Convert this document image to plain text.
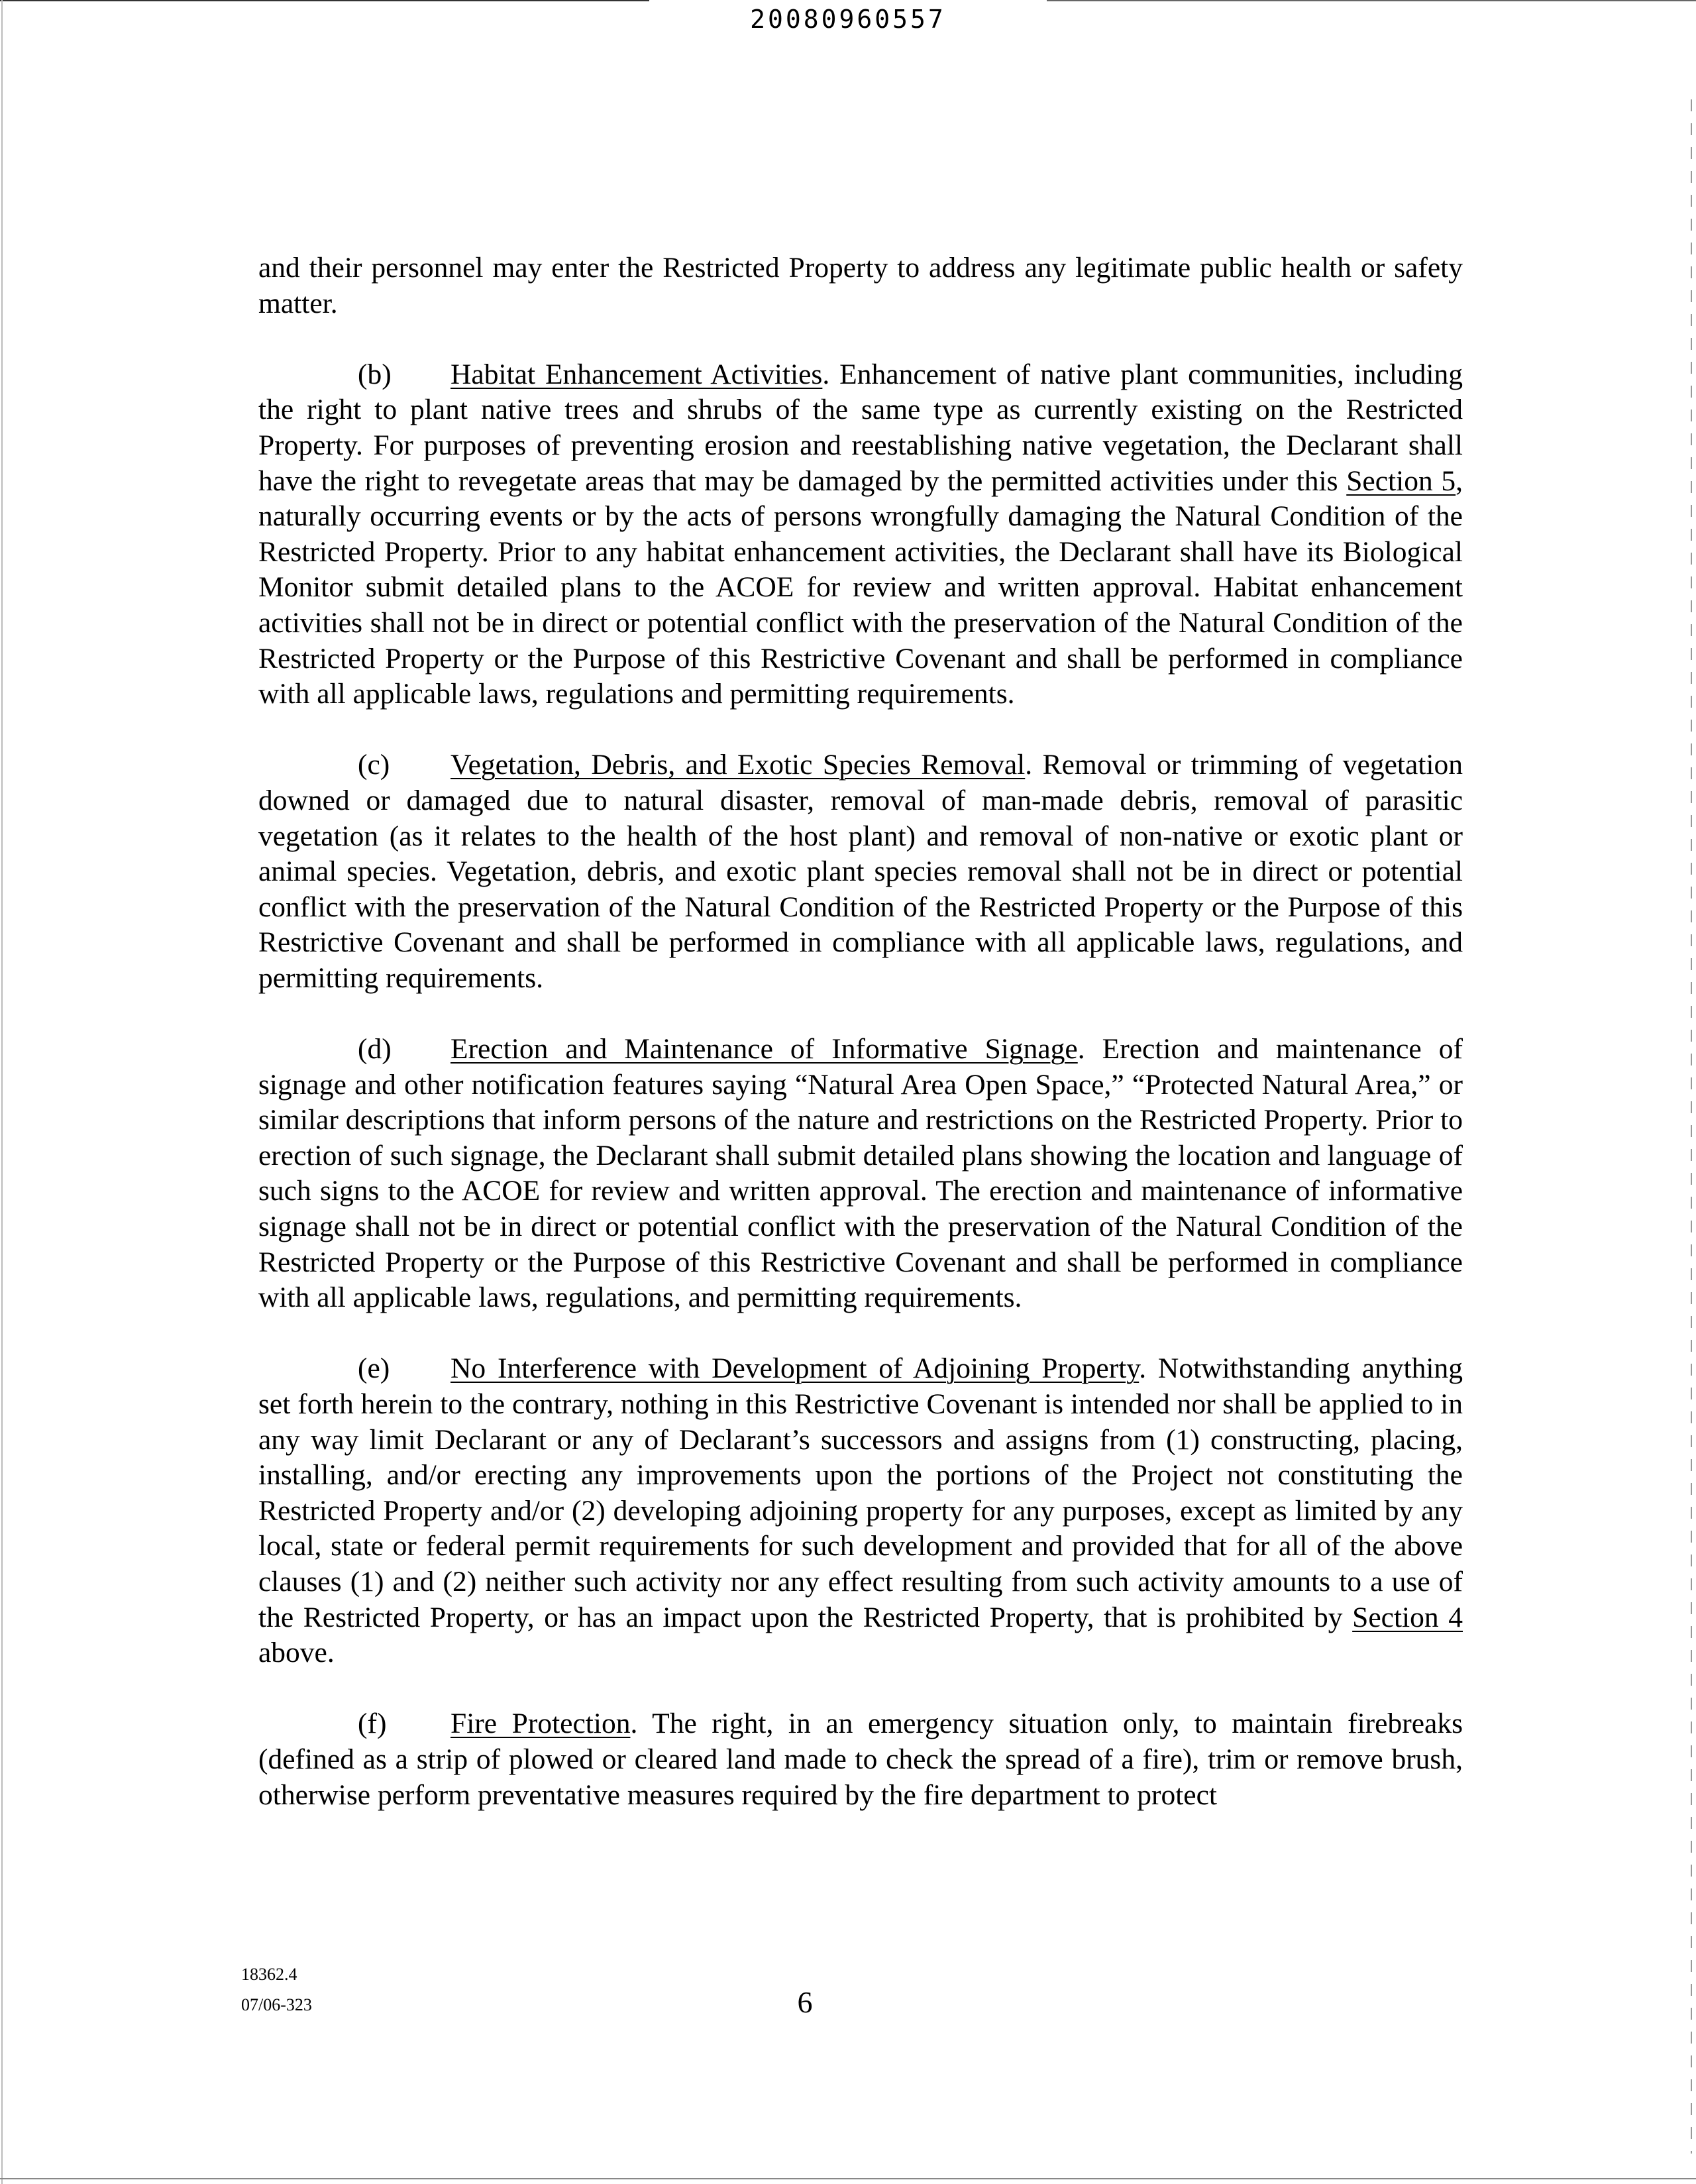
20080960557

and their personnel may enter the Restricted Property to address any legitimate public health or safety matter.

(b) Habitat Enhancement Activities. Enhancement of native plant communities, including the right to plant native trees and shrubs of the same type as currently existing on the Restricted Property. For purposes of preventing erosion and reestablishing native vegetation, the Declarant shall have the right to revegetate areas that may be damaged by the permitted activities under this Section 5, naturally occurring events or by the acts of persons wrongfully damaging the Natural Condition of the Restricted Property. Prior to any habitat enhancement activities, the Declarant shall have its Biological Monitor submit detailed plans to the ACOE for review and written approval. Habitat enhancement activities shall not be in direct or potential conflict with the preservation of the Natural Condition of the Restricted Property or the Purpose of this Restrictive Covenant and shall be performed in compliance with all applicable laws, regulations and permitting requirements.

(c) Vegetation, Debris, and Exotic Species Removal. Removal or trimming of vegetation downed or damaged due to natural disaster, removal of man-made debris, removal of parasitic vegetation (as it relates to the health of the host plant) and removal of non-native or exotic plant or animal species. Vegetation, debris, and exotic plant species removal shall not be in direct or potential conflict with the preservation of the Natural Condition of the Restricted Property or the Purpose of this Restrictive Covenant and shall be performed in compliance with all applicable laws, regulations, and permitting requirements.

(d) Erection and Maintenance of Informative Signage. Erection and maintenance of signage and other notification features saying “Natural Area Open Space,” “Protected Natural Area,” or similar descriptions that inform persons of the nature and restrictions on the Restricted Property. Prior to erection of such signage, the Declarant shall submit detailed plans showing the location and language of such signs to the ACOE for review and written approval. The erection and maintenance of informative signage shall not be in direct or potential conflict with the preservation of the Natural Condition of the Restricted Property or the Purpose of this Restrictive Covenant and shall be performed in compliance with all applicable laws, regulations, and permitting requirements.

(e) No Interference with Development of Adjoining Property. Notwithstanding anything set forth herein to the contrary, nothing in this Restrictive Covenant is intended nor shall be applied to in any way limit Declarant or any of Declarant’s successors and assigns from (1) constructing, placing, installing, and/or erecting any improvements upon the portions of the Project not constituting the Restricted Property and/or (2) developing adjoining property for any purposes, except as limited by any local, state or federal permit requirements for such development and provided that for all of the above clauses (1) and (2) neither such activity nor any effect resulting from such activity amounts to a use of the Restricted Property, or has an impact upon the Restricted Property, that is prohibited by Section 4 above.

(f) Fire Protection. The right, in an emergency situation only, to maintain firebreaks (defined as a strip of plowed or cleared land made to check the spread of a fire), trim or remove brush, otherwise perform preventative measures required by the fire department to protect

18362.4
07/06-323	6
